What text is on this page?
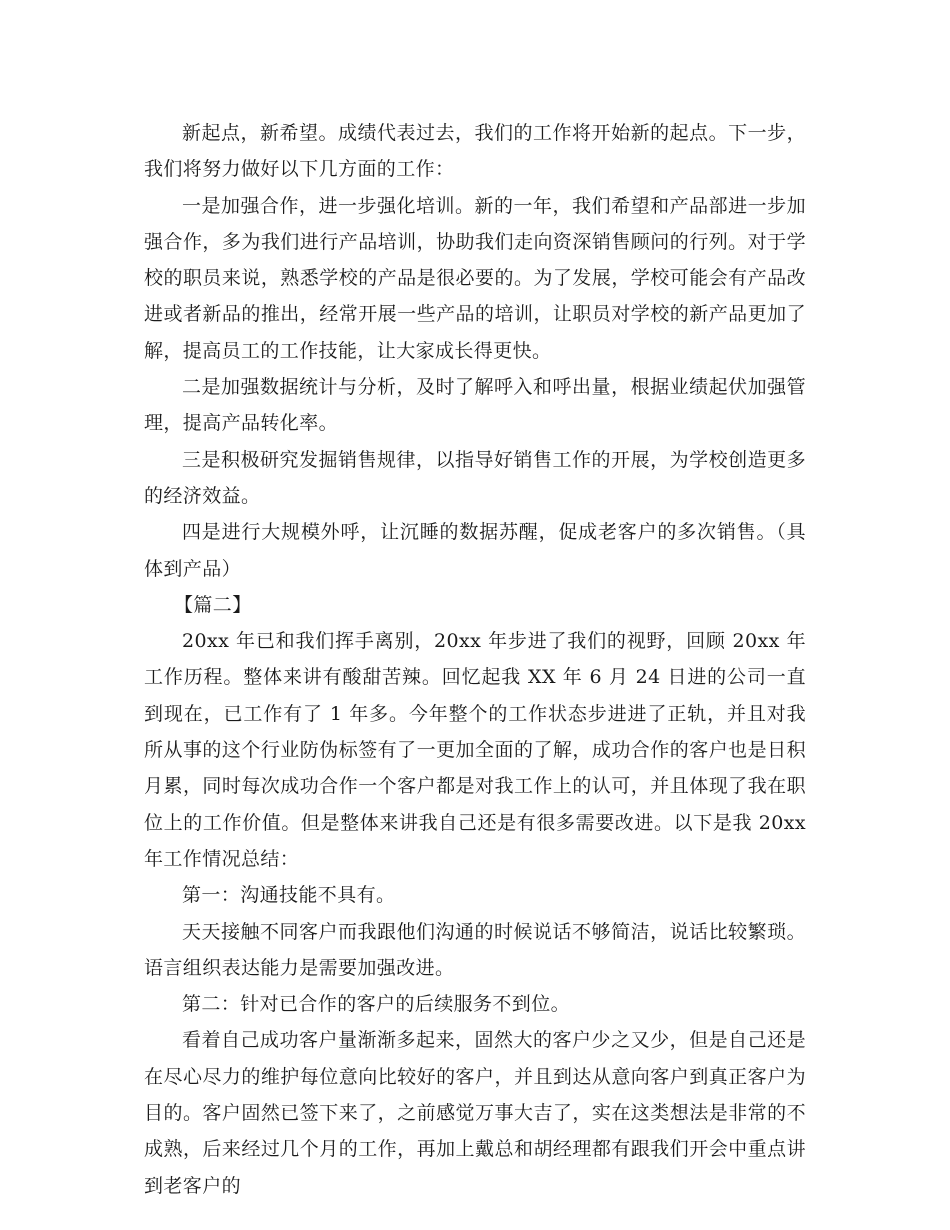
新起点，新希望。成绩代表过去，我们的工作将开始新的起点。下一步，我们将努力做好以下几方面的工作：

一是加强合作，进一步强化培训。新的一年，我们希望和产品部进一步加强合作，多为我们进行产品培训，协助我们走向资深销售顾问的行列。对于学校的职员来说，熟悉学校的产品是很必要的。为了发展，学校可能会有产品改进或者新品的推出，经常开展一些产品的培训，让职员对学校的新产品更加了解，提高员工的工作技能，让大家成长得更快。

二是加强数据统计与分析，及时了解呼入和呼出量，根据业绩起伏加强管理，提高产品转化率。

三是积极研究发掘销售规律，以指导好销售工作的开展，为学校创造更多的经济效益。

四是进行大规模外呼，让沉睡的数据苏醒，促成老客户的多次销售。（具体到产品）

【篇二】

20xx 年已和我们挥手离别，20xx 年步进了我们的视野，回顾 20xx 年工作历程。整体来讲有酸甜苦辣。回忆起我 XX 年 6 月 24 日进的公司一直到现在，已工作有了 1 年多。今年整个的工作状态步进进了正轨，并且对我所从事的这个行业防伪标签有了一更加全面的了解，成功合作的客户也是日积月累，同时每次成功合作一个客户都是对我工作上的认可，并且体现了我在职位上的工作价值。但是整体来讲我自己还是有很多需要改进。以下是我 20xx 年工作情况总结：

第一：沟通技能不具有。

天天接触不同客户而我跟他们沟通的时候说话不够简洁，说话比较繁琐。语言组织表达能力是需要加强改进。

第二：针对已合作的客户的后续服务不到位。

看着自己成功客户量渐渐多起来，固然大的客户少之又少，但是自己还是在尽心尽力的维护每位意向比较好的客户，并且到达从意向客户到真正客户为目的。客户固然已签下来了，之前感觉万事大吉了，实在这类想法是非常的不成熟，后来经过几个月的工作，再加上戴总和胡经理都有跟我们开会中重点讲到老客户的
